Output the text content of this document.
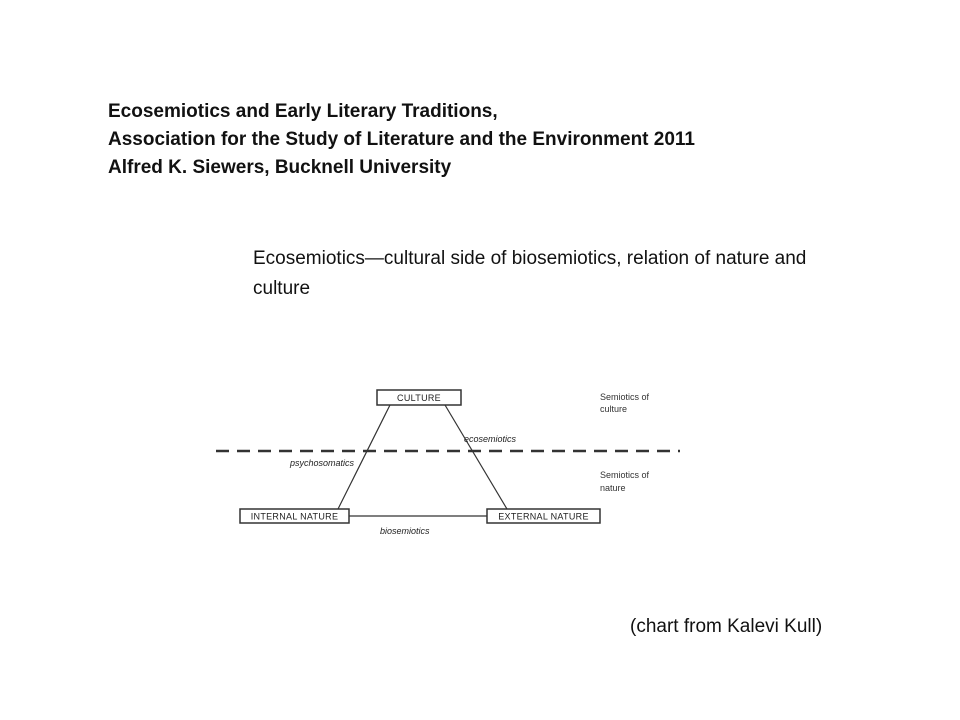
Ecosemiotics and Early Literary Traditions,
Association for the Study of Literature and the Environment 2011
Alfred K. Siewers, Bucknell University
Ecosemiotics—cultural side of biosemiotics, relation of nature and culture
CULTURE
INTERNAL NATURE	EXTERNAL NATURE
ecosemiotics
psychosomatics
biosemiotics
Semiotics of
culture
Semiotics of
nature
(chart from Kalevi Kull)
